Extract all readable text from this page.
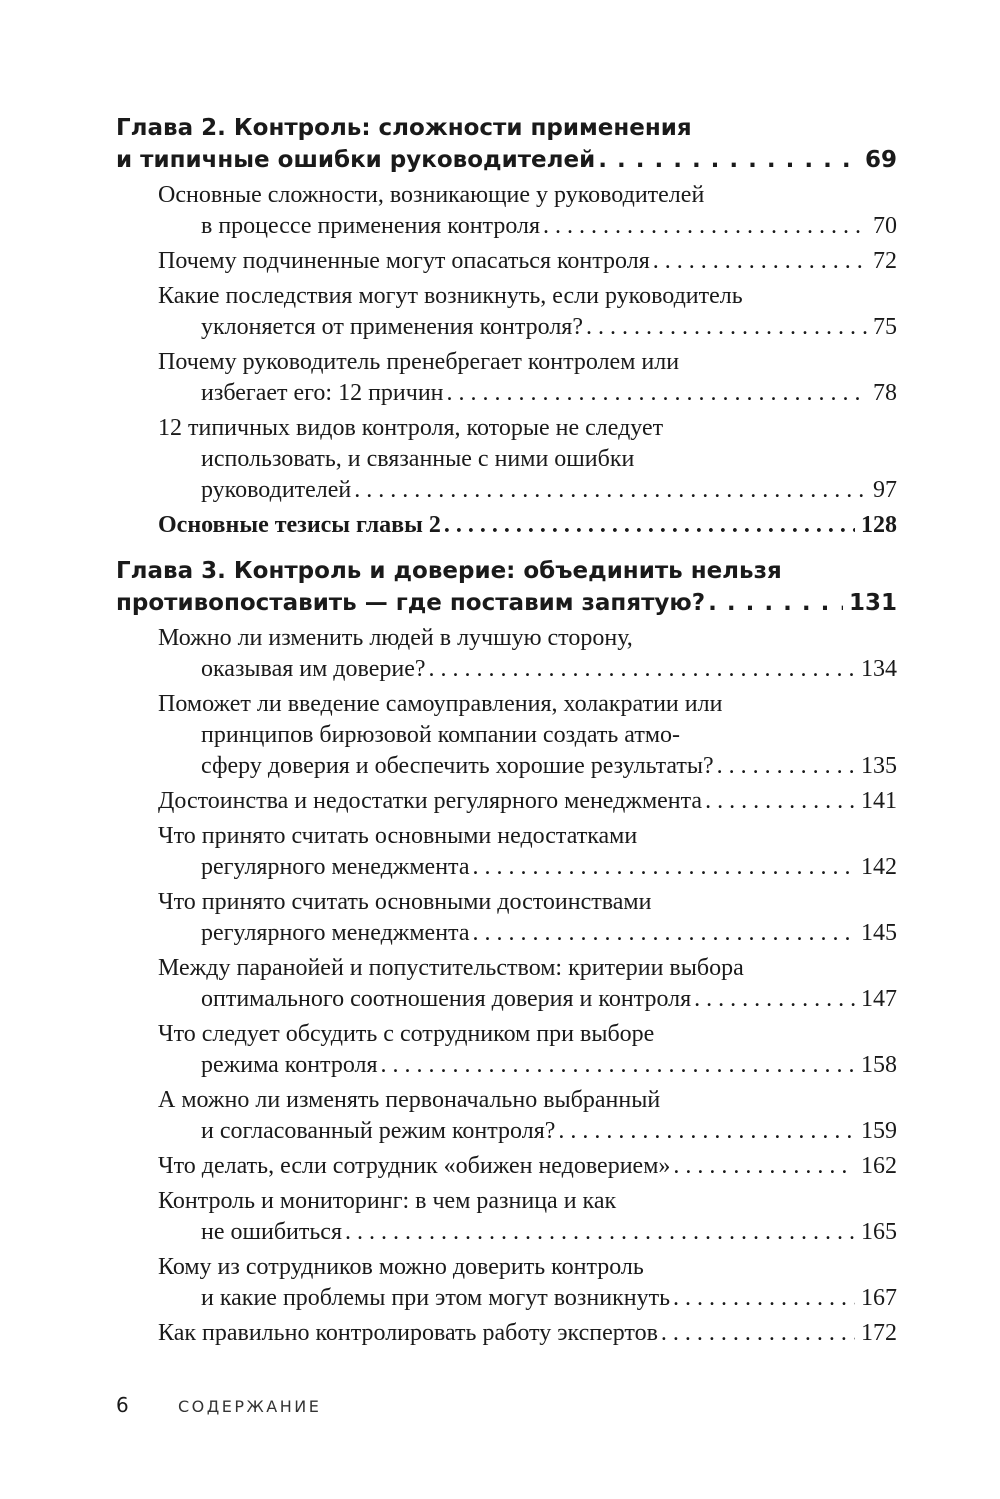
Глава 2. Контроль: сложности применения
и типичные ошибки руководителей . . .	69
Основные сложности, возникающие у руководителей
в процессе применения контроля . . .	70
Почему подчиненные могут опасаться контроля . . .	72
Какие последствия могут возникнуть, если руководитель
уклоняется от применения контроля? . . .	75
Почему руководитель пренебрегает контролем или
избегает его: 12 причин . . .	78
12 типичных видов контроля, которые не следует
использовать, и связанные с ними ошибки
руководителей . . .	97
Основные тезисы главы 2 . . .	128
Глава 3. Контроль и доверие: объединить нельзя
противопоставить — где поставим запятую? . . .	131
Можно ли изменить людей в лучшую сторону,
оказывая им доверие? . . .	134
Поможет ли введение самоуправления, холакратии или
принципов бирюзовой компании создать атмо-
сферу доверия и обеспечить хорошие результаты? . . .	135
Достоинства и недостатки регулярного менеджмента . . .	141
Что принято считать основными недостатками
регулярного менеджмента . . .	142
Что принято считать основными достоинствами
регулярного менеджмента . . .	145
Между паранойей и попустительством: критерии выбора
оптимального соотношения доверия и контроля . . .	147
Что следует обсудить с сотрудником при выборе
режима контроля . . .	158
А можно ли изменять первоначально выбранный
и согласованный режим контроля? . . .	159
Что делать, если сотрудник «обижен недоверием» . . .	162
Контроль и мониторинг: в чем разница и как
не ошибиться . . .	165
Кому из сотрудников можно доверить контроль
и какие проблемы при этом могут возникнуть . . .	167
Как правильно контролировать работу экспертов . . .	172
6	СОДЕРЖАНИЕ
